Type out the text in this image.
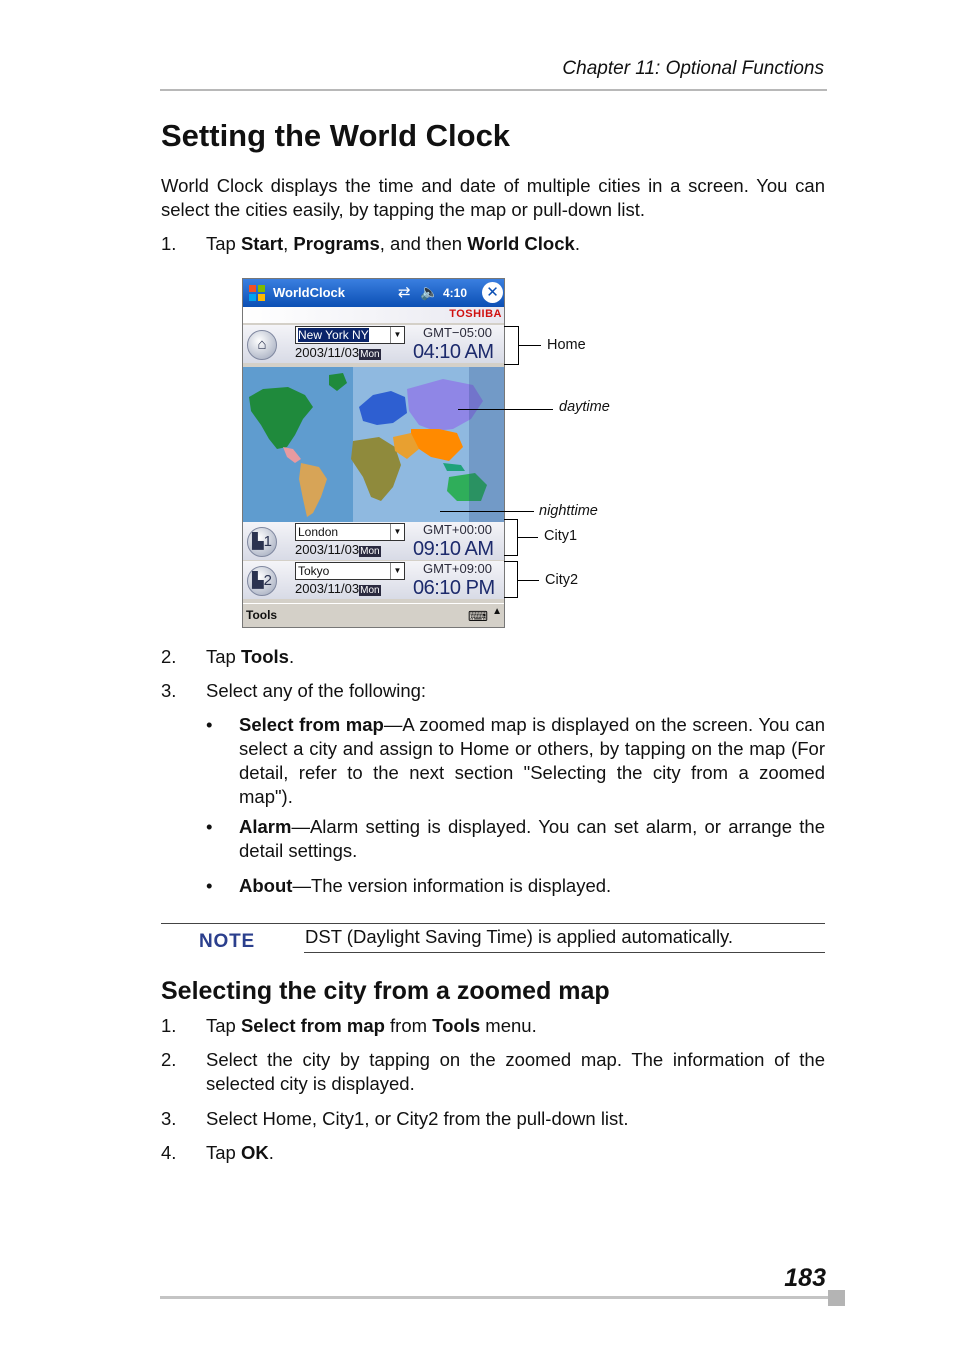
Chapter 11: Optional Functions
Setting the World Clock

World Clock displays the time and date of multiple cities in a screen. You can select the cities easily, by tapping the map or pull-down list.

1. Tap Start, Programs, and then World Clock.
WorldClock	⇄ 🔈 4:10 ✕
TOSHIBA
⌂
New York NY	▼
2003/11/03Mon
GMT−05:00
04:10 AM
▙1
London	▼
2003/11/03Mon
GMT+00:00
09:10 AM
▙2
Tokyo	▼
2003/11/03Mon
GMT+09:00
06:10 PM
Tools	⌨ ▲
Home
daytime
nighttime
City1
City2
2. Tap Tools.
3. Select any of the following:
• Select from map—A zoomed map is displayed on the screen. You can select a city and assign to Home or others, by tapping on the map (For detail, refer to the next section "Selecting the city from a zoomed map").
• Alarm—Alarm setting is displayed. You can set alarm, or arrange the detail settings.
• About—The version information is displayed.
NOTE	DST (Daylight Saving Time) is applied automatically.
Selecting the city from a zoomed map
1. Tap Select from map from Tools menu.
2. Select the city by tapping on the zoomed map. The information of the selected city is displayed.
3. Select Home, City1, or City2 from the pull-down list.
4. Tap OK.
183
